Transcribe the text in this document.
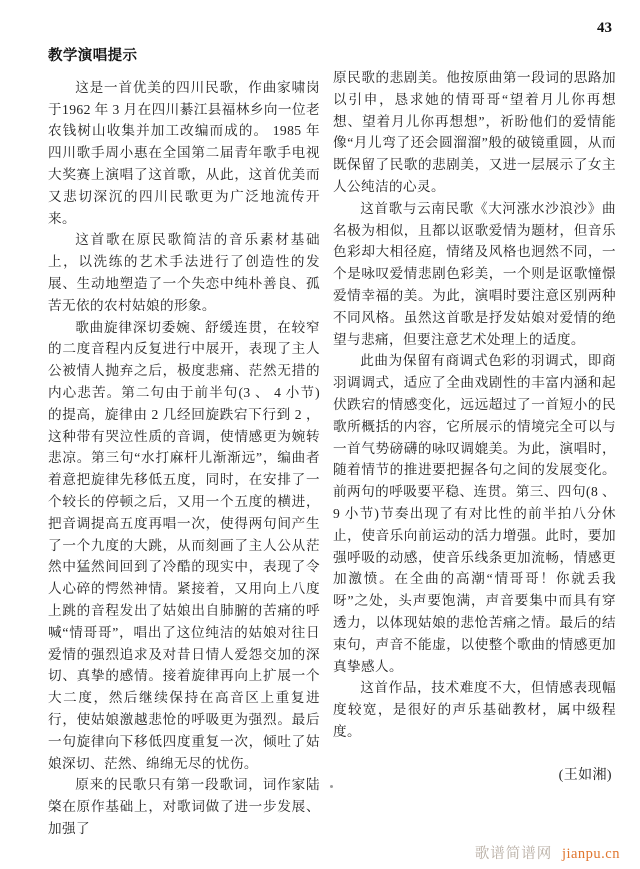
43
教学演唱提示

这是一首优美的四川民歌，作曲家啸岗于1962 年 3 月在四川綦江县福林乡向一位老农钱树山收集并加工改编而成的。 1985 年四川歌手周小惠在全国第二届青年歌手电视大奖赛上演唱了这首歌，从此，这首优美而又悲切深沉的四川民歌更为广泛地流传开来。

这首歌在原民歌简洁的音乐素材基础上，以洗练的艺术手法进行了创造性的发展、生动地塑造了一个失恋中纯朴善良、孤苦无依的农村姑娘的形象。

歌曲旋律深切委婉、舒缓连贯，在较窄的二度音程内反复进行中展开，表现了主人公被情人抛弃之后，极度悲痛、茫然无措的内心悲苦。第二句由于前半句(3 、 4 小节)的提高，旋律由 2 几经回旋跌宕下行到 2 ，这种带有哭泣性质的音调，使情感更为婉转悲凉。第三句“水打麻杆儿渐渐远”，编曲者着意把旋律先移低五度，同时，在安排了一个较长的停顿之后，又用一个五度的横进，把音调提高五度再唱一次，使得两句间产生了一个九度的大跳，从而刻画了主人公从茫然中猛然间回到了冷酷的现实中，表现了令人心碎的愕然神情。紧接着，又用向上八度上跳的音程发出了姑娘出自肺腑的苦痛的呼喊“情哥哥”，唱出了这位纯洁的姑娘对往日爱情的强烈追求及对昔日情人爱怨交加的深切、真挚的感情。接着旋律再向上扩展一个大二度，然后继续保持在高音区上重复进行，使姑娘激越悲怆的呼吸更为强烈。最后一句旋律向下移低四度重复一次，倾吐了姑娘深切、茫然、绵绵无尽的忧伤。

原来的民歌只有第一段歌词，词作家陆棨在原作基础上，对歌词做了进一步发展、加强了

原民歌的悲剧美。他按原曲第一段词的思路加以引申，恳求她的情哥哥“望着月儿你再想想、望着月儿你再想想”，祈盼他们的爱情能像“月儿弯了还会圆溜溜”般的破镜重圆，从而既保留了民歌的悲剧美，又进一层展示了女主人公纯洁的心灵。

这首歌与云南民歌《大河涨水沙浪沙》曲名极为相似，且都以讴歌爱情为题材，但音乐色彩却大相径庭，情绪及风格也迥然不同，一个是咏叹爱情悲剧色彩美，一个则是讴歌憧憬爱情幸福的美。为此，演唱时要注意区别两种不同风格。虽然这首歌是抒发姑娘对爱情的绝望与悲痛，但要注意艺术处理上的适度。

此曲为保留有商调式色彩的羽调式，即商羽调调式，适应了全曲戏剧性的丰富内涵和起伏跌宕的情感变化，远远超过了一首短小的民歌所概括的内容，它所展示的情境完全可以与一首气势磅礴的咏叹调媲美。为此，演唱时，随着情节的推进要把握各句之间的发展变化。前两句的呼吸要平稳、连贯。第三、四句(8 、 9 小节)节奏出现了有对比性的前半拍八分休止，使音乐向前运动的活力增强。此时，要加强呼吸的动感，使音乐线条更加流畅，情感更加激愤。在全曲的高潮“情哥哥！你就丢我呀”之处，头声要饱满，声音要集中而具有穿透力，以体现姑娘的悲怆苦痛之情。最后的结束句，声音不能虚，以使整个歌曲的情感更加真挚感人。

这首作品，技术难度不大，但情感表现幅度较宽，是很好的声乐基础教材，属中级程度。

(王如湘)

歌谱简谱网 jianpu.cn
